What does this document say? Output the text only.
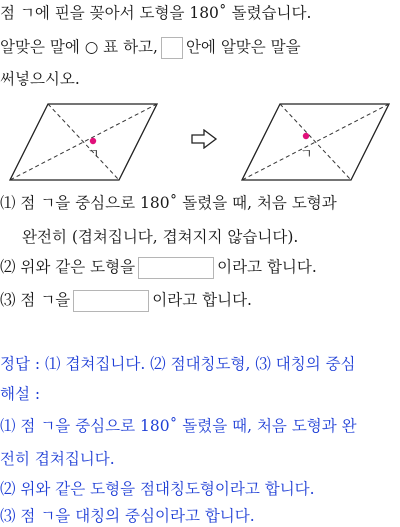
점 ㄱ에 핀을 꽂아서 도형을 180˚ 돌렸습니다.
알맞은 말에 ○ 표 하고, 안에 알맞은 말을
써넣으시오.
ㄱ	ㄱ
⑴ 점 ㄱ을 중심으로 180˚ 돌렸을 때, 처음 도형과
완전히 (겹쳐집니다, 겹쳐지지 않습니다).
⑵ 위와 같은 도형을	이라고 합니다.
⑶ 점 ㄱ을	이라고 합니다.
정답 : ⑴ 겹쳐집니다. ⑵ 점대칭도형, ⑶ 대칭의 중심
해설 :
⑴ 점 ㄱ을 중심으로 180˚ 돌렸을 때, 처음 도형과 완
전히 겹쳐집니다.
⑵ 위와 같은 도형을 점대칭도형이라고 합니다.
⑶ 점 ㄱ을 대칭의 중심이라고 합니다.
